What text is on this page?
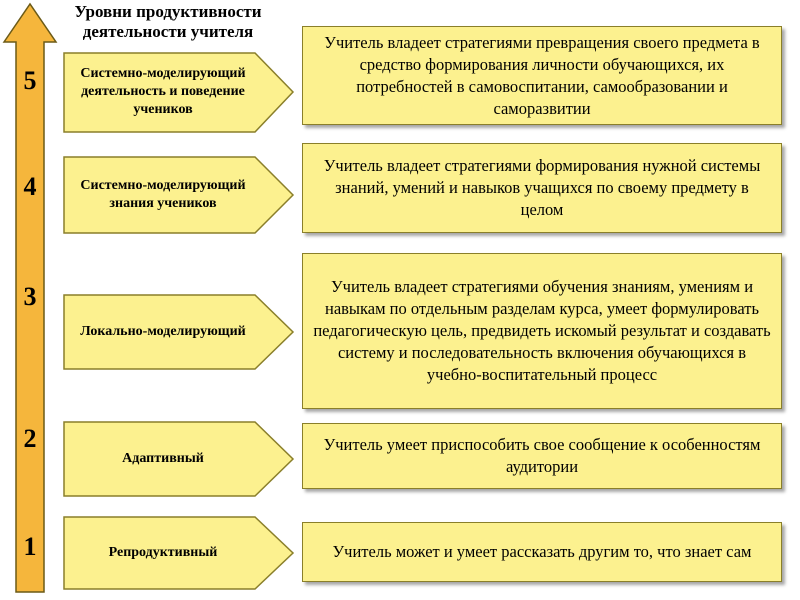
Уровни продуктивности деятельности учителя
5
4
3
2
1
Системно-моделирующий деятельность и поведение учеников
Учитель владеет стратегиями превращения своего предмета в средство формирования личности обучающихся, их потребностей в самовоспитании, самообразовании и саморазвитии
Системно-моделирующий знания учеников
Учитель владеет стратегиями формирования нужной системы знаний, умений и навыков учащихся по своему предмету в целом
Локально-моделирующий
Учитель владеет стратегиями обучения знаниям, умениям и навыкам по отдельным разделам курса, умеет формулировать педагогическую цель, предвидеть искомый результат и создавать систему и последовательность включения обучающихся в учебно-воспитательный процесс
Адаптивный
Учитель умеет приспособить свое сообщение к особенностям аудитории
Репродуктивный	Учитель может и умеет рассказать другим то, что знает сам
